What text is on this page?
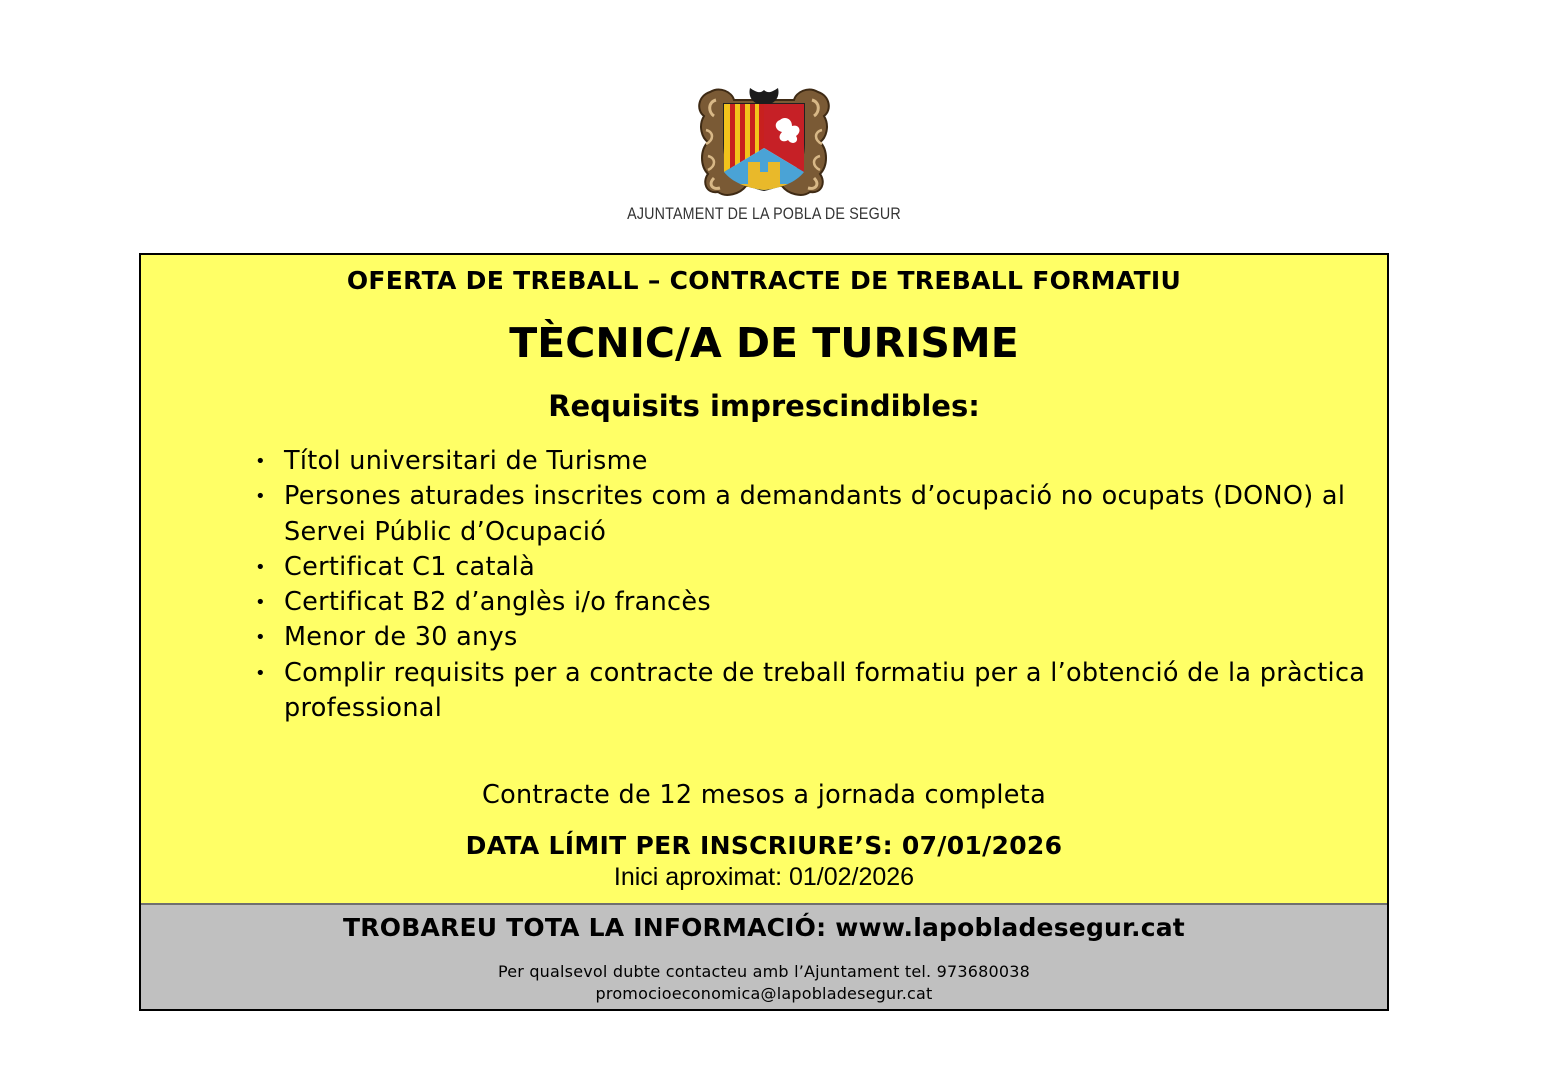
AJUNTAMENT DE LA POBLA DE SEGUR
OFERTA DE TREBALL – CONTRACTE DE TREBALL FORMATIU
TÈCNIC/A DE TURISME
Requisits imprescindibles:
• Títol universitari de Turisme
• Persones aturades inscrites com a demandants d’ocupació no ocupats (DONO) al Servei Públic d’Ocupació
• Certificat C1 català
• Certificat B2 d’anglès i/o francès
• Menor de 30 anys
• Complir requisits per a contracte de treball formatiu per a l’obtenció de la pràctica professional
Contracte de 12 mesos a jornada completa
DATA LÍMIT PER INSCRIURE’S: 07/01/2026
Inici aproximat: 01/02/2026
TROBAREU TOTA LA INFORMACIÓ: www.lapobladesegur.cat
Per qualsevol dubte contacteu amb l’Ajuntament tel. 973680038
promocioeconomica@lapobladesegur.cat
